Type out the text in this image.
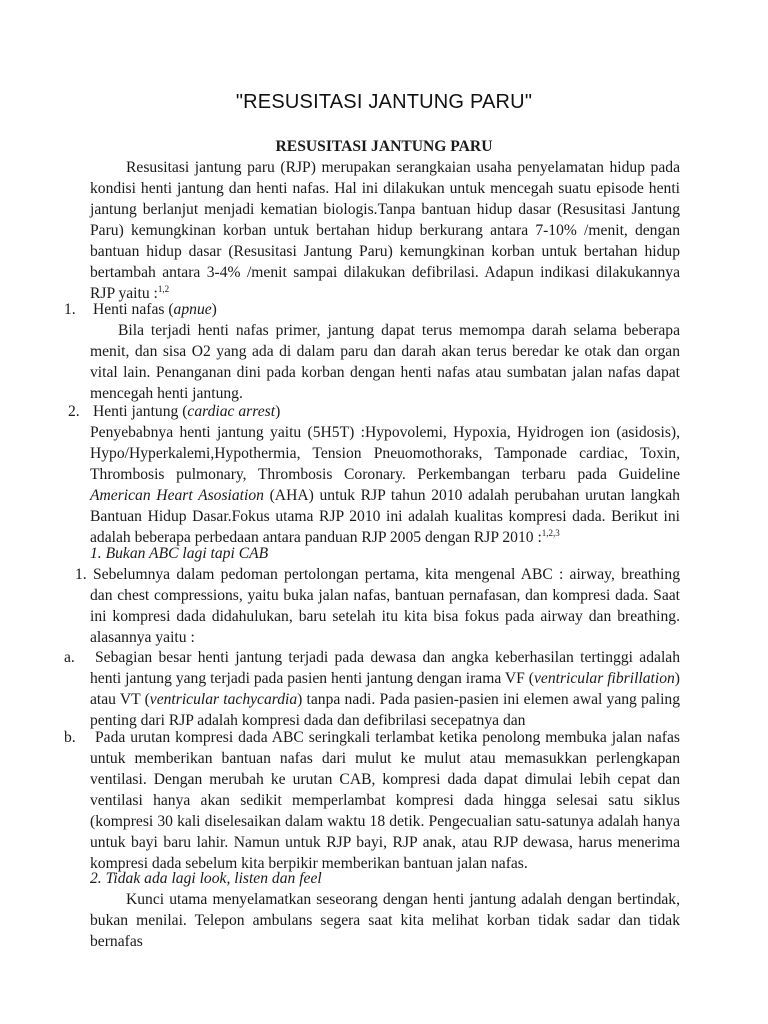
"RESUSITASI JANTUNG PARU"
RESUSITASI JANTUNG PARU

Resusitasi jantung paru (RJP) merupakan serangkaian usaha penyelamatan hidup pada kondisi henti jantung dan henti nafas. Hal ini dilakukan untuk mencegah suatu episode henti jantung berlanjut menjadi kematian biologis.Tanpa bantuan hidup dasar (Resusitasi Jantung Paru) kemungkinan korban untuk bertahan hidup berkurang antara 7-10% /menit, dengan bantuan hidup dasar (Resusitasi Jantung Paru) kemungkinan korban untuk bertahan hidup bertambah antara 3-4% /menit sampai dilakukan defibrilasi. Adapun indikasi dilakukannya RJP yaitu :$^{1,2}$

1. Henti nafas (apnue)

Bila terjadi henti nafas primer, jantung dapat terus memompa darah selama beberapa menit, dan sisa O2 yang ada di dalam paru dan darah akan terus beredar ke otak dan organ vital lain. Penanganan dini pada korban dengan henti nafas atau sumbatan jalan nafas dapat mencegah henti jantung.

2. Henti jantung (cardiac arrest)

Penyebabnya henti jantung yaitu (5H5T) :Hypovolemi, Hypoxia, Hyidrogen ion (asidosis), Hypo/Hyperkalemi,Hypothermia, Tension Pneuomothoraks, Tamponade cardiac, Toxin, Thrombosis pulmonary, Thrombosis Coronary. Perkembangan terbaru pada Guideline American Heart Asosiation (AHA) untuk RJP tahun 2010 adalah perubahan urutan langkah Bantuan Hidup Dasar.Fokus utama RJP 2010 ini adalah kualitas kompresi dada. Berikut ini adalah beberapa perbedaan antara panduan RJP 2005 dengan RJP 2010 :$^{1,2,3}$

1. Bukan ABC lagi tapi CAB
1. Sebelumnya dalam pedoman pertolongan pertama, kita mengenal ABC : airway, breathing dan chest compressions, yaitu buka jalan nafas, bantuan pernafasan, dan kompresi dada. Saat ini kompresi dada didahulukan, baru setelah itu kita bisa fokus pada airway dan breathing. alasannya yaitu :

a.	Sebagian besar henti jantung terjadi pada dewasa dan angka keberhasilan tertinggi adalah henti jantung yang terjadi pada pasien henti jantung dengan irama VF (ventricular fibrillation) atau VT (ventricular tachycardia) tanpa nadi. Pada pasien-pasien ini elemen awal yang paling penting dari RJP adalah kompresi dada dan defibrilasi secepatnya dan

b.	Pada urutan kompresi dada ABC seringkali terlambat ketika penolong membuka jalan nafas untuk memberikan bantuan nafas dari mulut ke mulut atau memasukkan perlengkapan ventilasi. Dengan merubah ke urutan CAB, kompresi dada dapat dimulai lebih cepat dan ventilasi hanya akan sedikit memperlambat kompresi dada hingga selesai satu siklus (kompresi 30 kali diselesaikan dalam waktu 18 detik. Pengecualian satu-satunya adalah hanya untuk bayi baru lahir. Namun untuk RJP bayi, RJP anak, atau RJP dewasa, harus menerima kompresi dada sebelum kita berpikir memberikan bantuan jalan nafas.

2. Tidak ada lagi look, listen dan feel

Kunci utama menyelamatkan seseorang dengan henti jantung adalah dengan bertindak, bukan menilai. Telepon ambulans segera saat kita melihat korban tidak sadar dan tidak bernafas
